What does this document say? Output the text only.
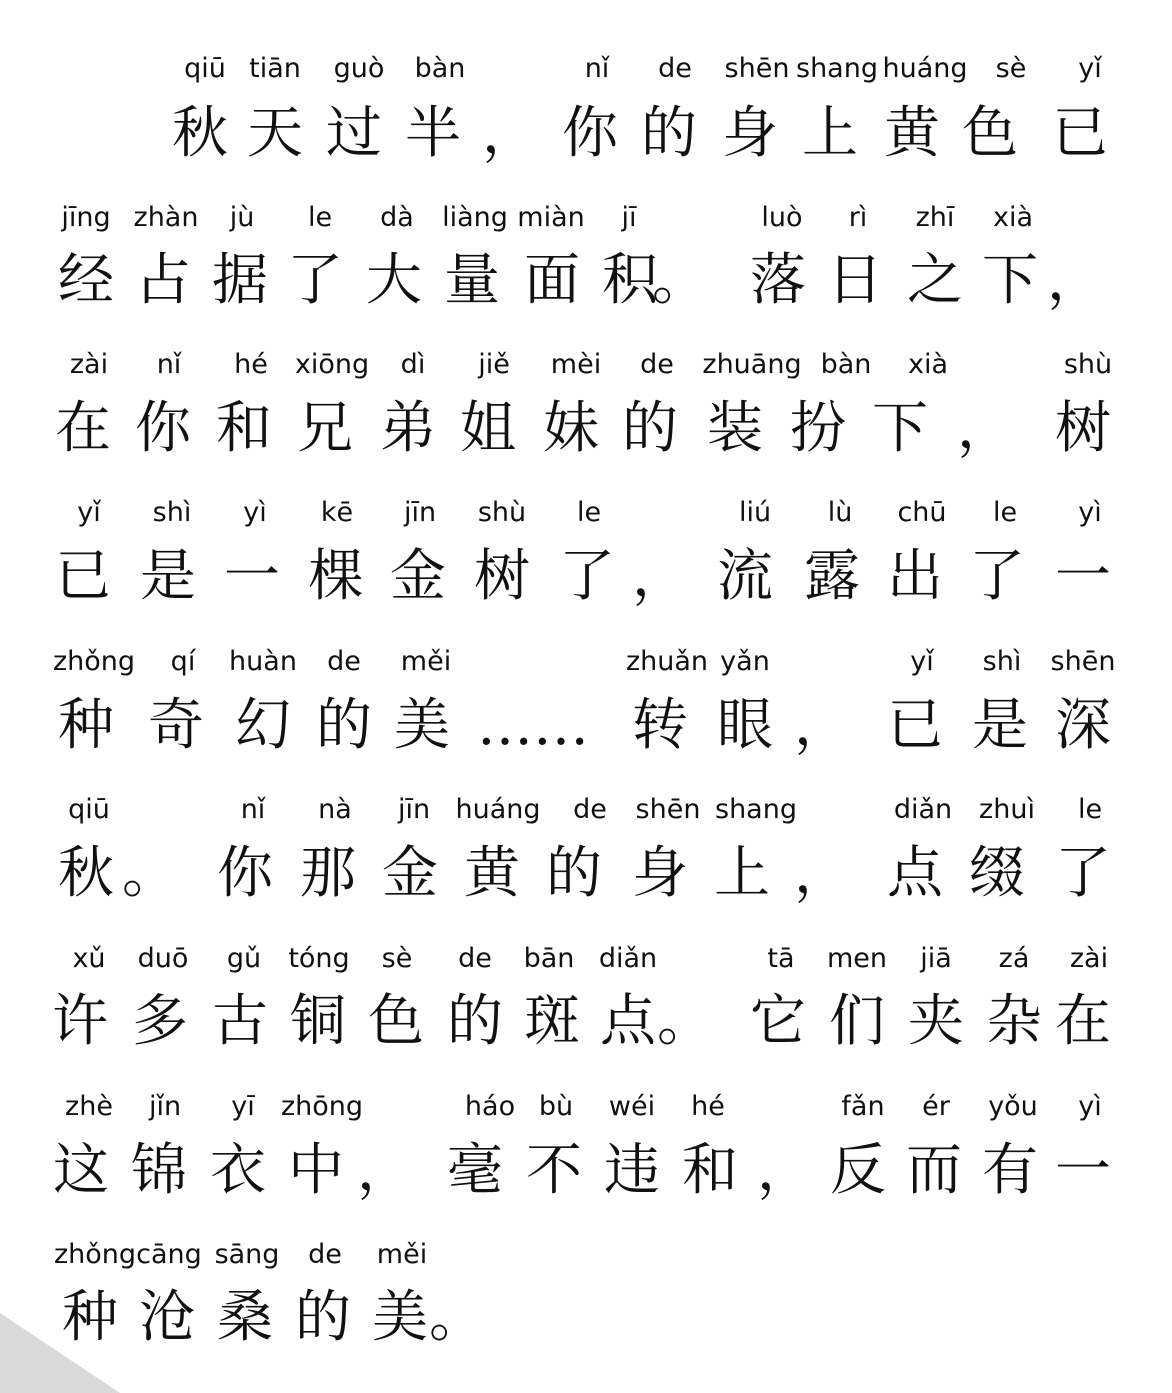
qiū tiān guò bàn	nǐ de shēn shang huáng sè yǐ
秋 天 过 半 ， 你 的 身 上 黄 色 已
jīng zhàn jù le dà liàng miàn jī	luò rì zhī xià
经 占 据 了 大 量 面 积
。 落 日 之 下 ，
zài nǐ hé xiōng dì jiě mèi de zhuāng bàn xià	shù
在 你 和 兄 弟 姐 妹 的 装 扮 下 ， 树
yǐ shì yì kē jīn shù le	liú lù chū le yì
已 是 一 棵 金 树 了 ， 流 露 出 了 一
zhǒng qí huàn de měi	zhuǎn yǎn	yǐ shì shēn
种 奇 幻 的 美 …… 转 眼 ， 已 是 深
qiū	nǐ nà jīn huáng de shēn shang	diǎn zhuì le
秋 。 你 那 金 黄 的 身 上 ， 点 缀 了
xǔ duō gǔ tóng sè de bān diǎn	tā men jiā zá zài
许 多 古 铜 色 的 斑 点 。 它 们 夹 杂 在
zhè jǐn yī zhōng	háo bù wéi hé	fǎn ér yǒu yì
这 锦 衣 中 ， 毫 不 违 和 ， 反 而 有 一
zhǒng cāng sāng de měi
种 沧 桑 的 美 。
